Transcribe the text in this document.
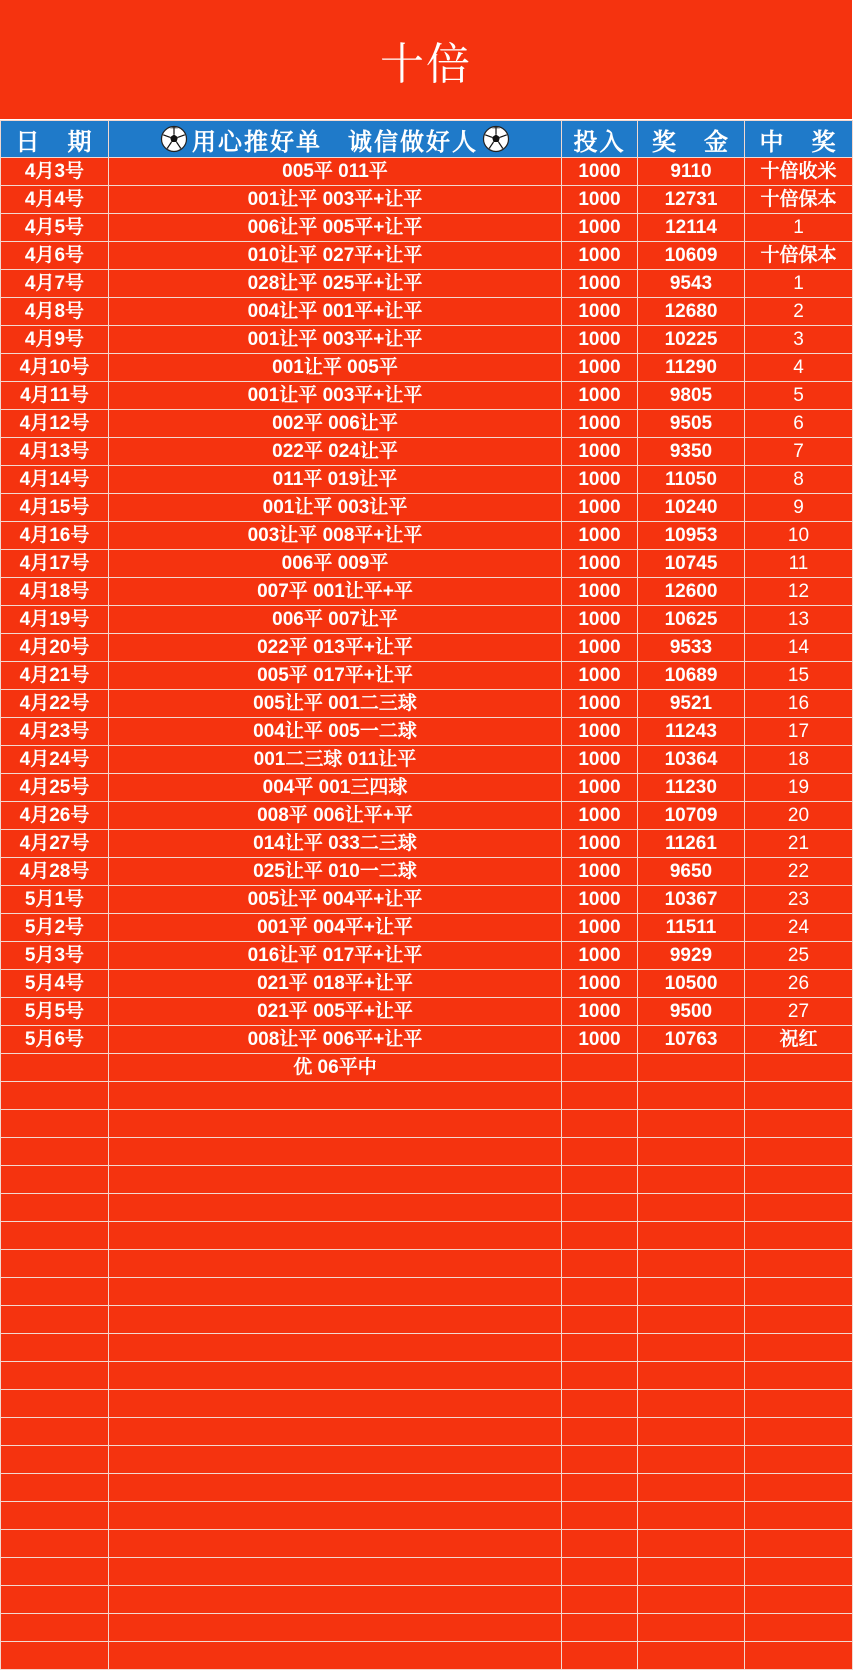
十倍
日　期	用心推好单　诚信做好人	投入	奖　金	中　奖
4月3号	005平 011平	1000	9110	十倍收米
4月4号	001让平 003平+让平	1000	12731	十倍保本
4月5号	006让平 005平+让平	1000	12114	1
4月6号	010让平 027平+让平	1000	10609	十倍保本
4月7号	028让平 025平+让平	1000	9543	1
4月8号	004让平 001平+让平	1000	12680	2
4月9号	001让平 003平+让平	1000	10225	3
4月10号	001让平 005平	1000	11290	4
4月11号	001让平 003平+让平	1000	9805	5
4月12号	002平 006让平	1000	9505	6
4月13号	022平 024让平	1000	9350	7
4月14号	011平 019让平	1000	11050	8
4月15号	001让平 003让平	1000	10240	9
4月16号	003让平 008平+让平	1000	10953	10
4月17号	006平 009平	1000	10745	11
4月18号	007平 001让平+平	1000	12600	12
4月19号	006平 007让平	1000	10625	13
4月20号	022平 013平+让平	1000	9533	14
4月21号	005平 017平+让平	1000	10689	15
4月22号	005让平 001二三球	1000	9521	16
4月23号	004让平 005一二球	1000	11243	17
4月24号	001二三球 011让平	1000	10364	18
4月25号	004平 001三四球	1000	11230	19
4月26号	008平 006让平+平	1000	10709	20
4月27号	014让平 033二三球	1000	11261	21
4月28号	025让平 010一二球	1000	9650	22
5月1号	005让平 004平+让平	1000	10367	23
5月2号	001平 004平+让平	1000	11511	24
5月3号	016让平 017平+让平	1000	9929	25
5月4号	021平 018平+让平	1000	10500	26
5月5号	021平 005平+让平	1000	9500	27
5月6号	008让平 006平+让平	1000	10763	祝红
	优 06平中			
